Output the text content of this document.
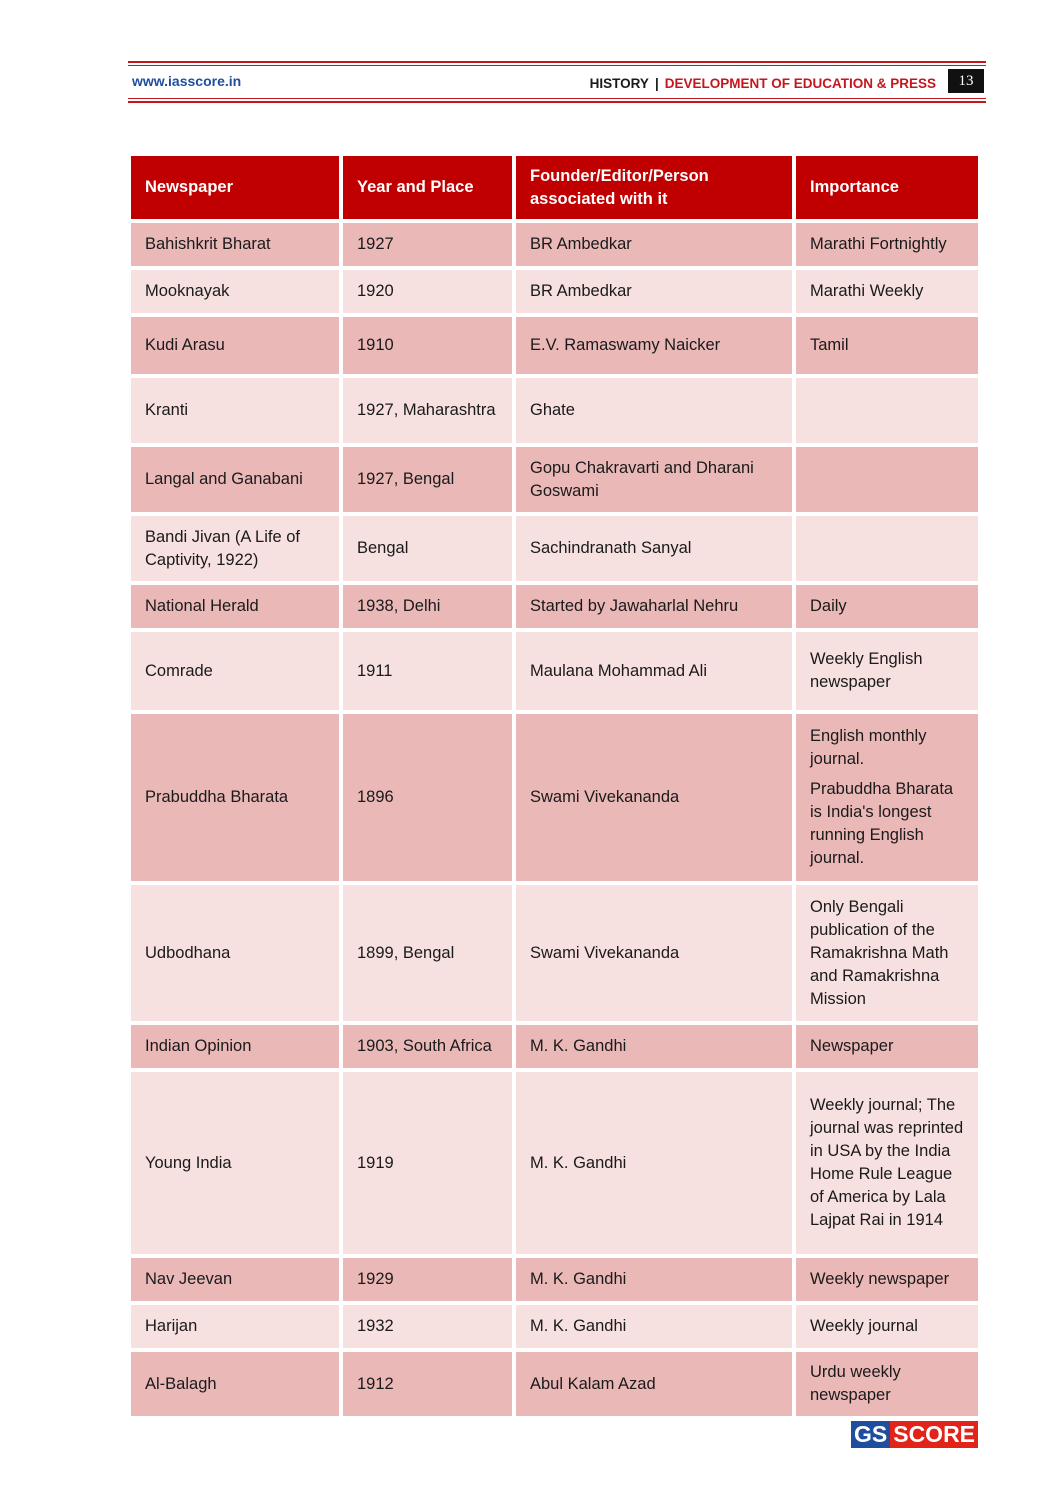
www.iasscore.in	HISTORY | DEVELOPMENT OF EDUCATION & PRESS	13
Newspaper	Year and Place	Founder/Editor/Person associated with it	Importance
Bahishkrit Bharat	1927	BR Ambedkar	Marathi Fortnightly

Mooknayak	1920	BR Ambedkar	Marathi Weekly

Kudi Arasu	1910	E.V. Ramaswamy Naicker	Tamil

Kranti	1927, Maharashtra	Ghate	
Langal and Ganabani	1927, Bengal	Gopu Chakravarti and Dharani Goswami	
Bandi Jivan (A Life of Captivity, 1922)	Bengal	Sachindranath Sanyal	
National Herald	1938, Delhi	Started by Jawaharlal Nehru	Daily

Comrade	1911	Maulana Mohammad Ali	Weekly English newspaper

Prabuddha Bharata	1896	Swami Vivekananda	English monthly journal.
Prabuddha Bharata is India's longest running English journal.

Udbodhana	1899, Bengal	Swami Vivekananda	Only Bengali publication of the Ramakrishna Math and Ramakrishna Mission

Indian Opinion	1903, South Africa	M. K. Gandhi	Newspaper

Young India	1919	M. K. Gandhi	Weekly journal; The journal was reprinted in USA by the India Home Rule League of America by Lala Lajpat Rai in 1914

Nav Jeevan	1929	M. K. Gandhi	Weekly newspaper

Harijan	1932	M. K. Gandhi	Weekly journal

Al-Balagh	1912	Abul Kalam Azad	Urdu weekly newspaper
GS SCORE
